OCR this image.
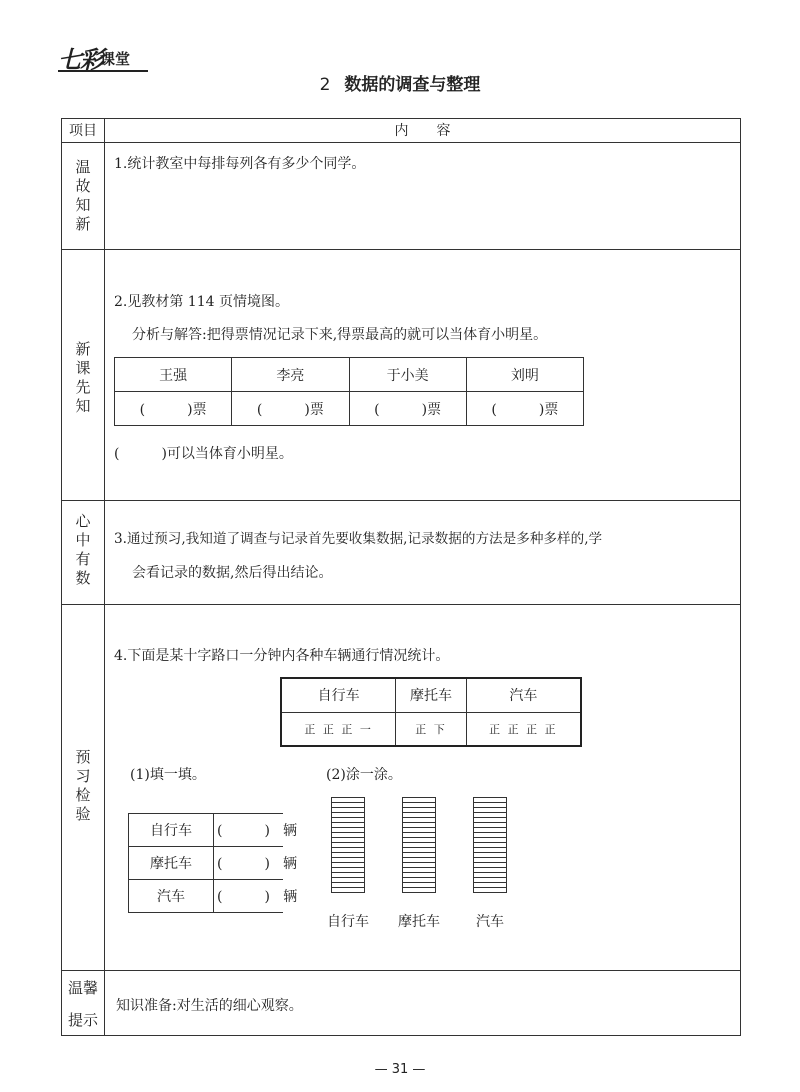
七彩
课堂
2 数据的调查与整理
项目	内　　容
温故知新
1.统计教室中每排每列各有多少个同学。
新课先知
2.见教材第 114 页情境图。
分析与解答:把得票情况记录下来,得票最高的就可以当体育小明星。
王强	李亮	于小美	刘明
(　　　)票	(　　　)票	(　　　)票	(　　　)票
(　　　)可以当体育小明星。
心中有数
3.通过预习,我知道了调查与记录首先要收集数据,记录数据的方法是多种多样的,学
会看记录的数据,然后得出结论。
预习检验
4.下面是某十字路口一分钟内各种车辆通行情况统计。
自行车	摩托车	汽车
正 正 正 一	正 下	正 正 正 正
(1)填一填。	(2)涂一涂。
自行车	(　　　)	辆
摩托车	(　　　)	辆
汽车	(　　　)	辆
自行车	摩托车	汽车
温馨
提示
知识准备:对生活的细心观察。
— 31 —
